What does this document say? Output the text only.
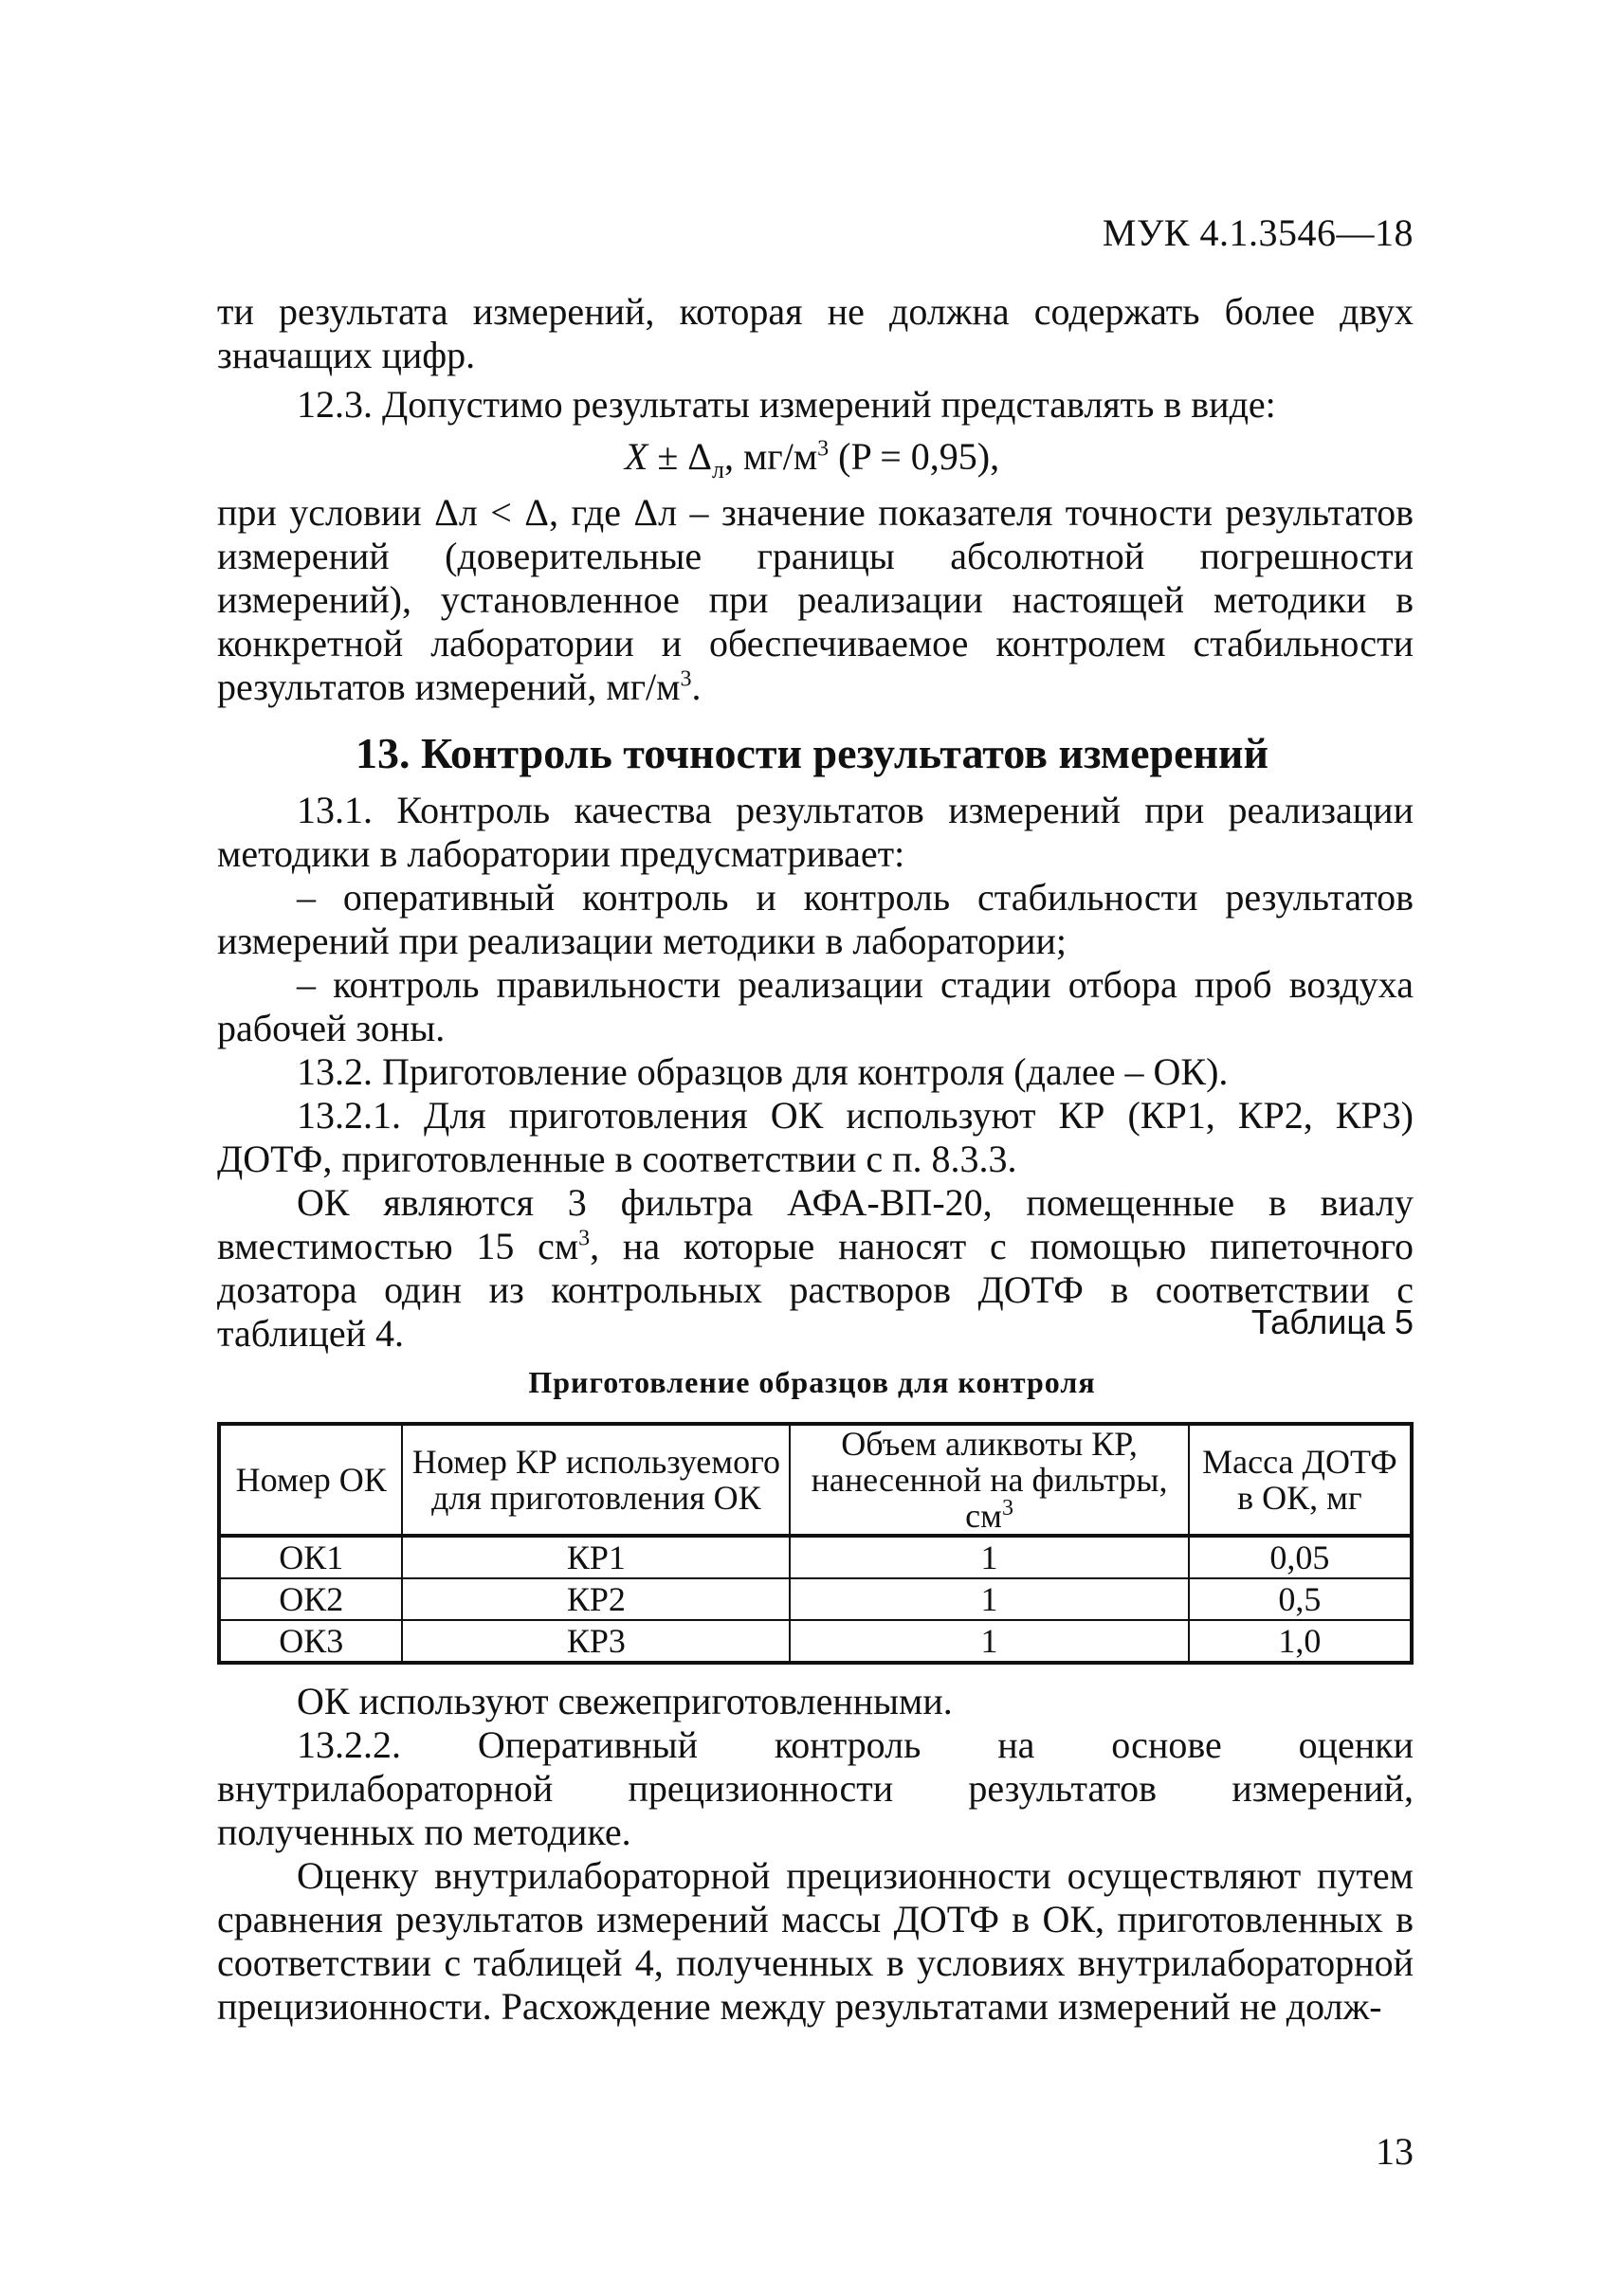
МУК 4.1.3546—18

ти результата измерений, которая не должна содержать более двух значащих цифр.

12.3. Допустимо результаты измерений представлять в виде:

$X \pm \Delta_л$, $мг/м^3$ (P = 0,95),

при условии Δл < Δ, где Δл – значение показателя точности результатов измерений (доверительные границы абсолютной погрешности измерений), установленное при реализации настоящей методики в конкретной лаборатории и обеспечиваемое контролем стабильности результатов измерений, $мг/м^3$.

13. Контроль точности результатов измерений

13.1. Контроль качества результатов измерений при реализации методики в лаборатории предусматривает:

– оперативный контроль и контроль стабильности результатов измерений при реализации методики в лаборатории;

– контроль правильности реализации стадии отбора проб воздуха рабочей зоны.

13.2. Приготовление образцов для контроля (далее – ОК).

13.2.1. Для приготовления ОК используют КР (КР1, КР2, КР3) ДОТФ, приготовленные в соответствии с п. 8.3.3.

ОК являются 3 фильтра АФА-ВП-20, помещенные в виалу вместимостью 15 $см^3$, на которые наносят с помощью пипеточного дозатора один из контрольных растворов ДОТФ в соответствии с таблицей 4.	Таблица 5
Приготовление образцов для контроля
Номер ОК	Номер КР используемого для приготовления ОК	Объем аликвоты КР, нанесенной на фильтры, $см^3$	Масса ДОТФ в ОК, мг
ОК1	КР1	1	0,05
ОК2	КР2	1	0,5
ОК3	КР3	1	1,0

ОК используют свежеприготовленными.

13.2.2. Оперативный контроль на основе оценки внутрилабораторной прецизионности результатов измерений, полученных по методике.

Оценку внутрилабораторной прецизионности осуществляют путем сравнения результатов измерений массы ДОТФ в ОК, приготовленных в соответствии с таблицей 4, полученных в условиях внутрилабораторной прецизионности. Расхождение между результатами измерений не долж-

13
